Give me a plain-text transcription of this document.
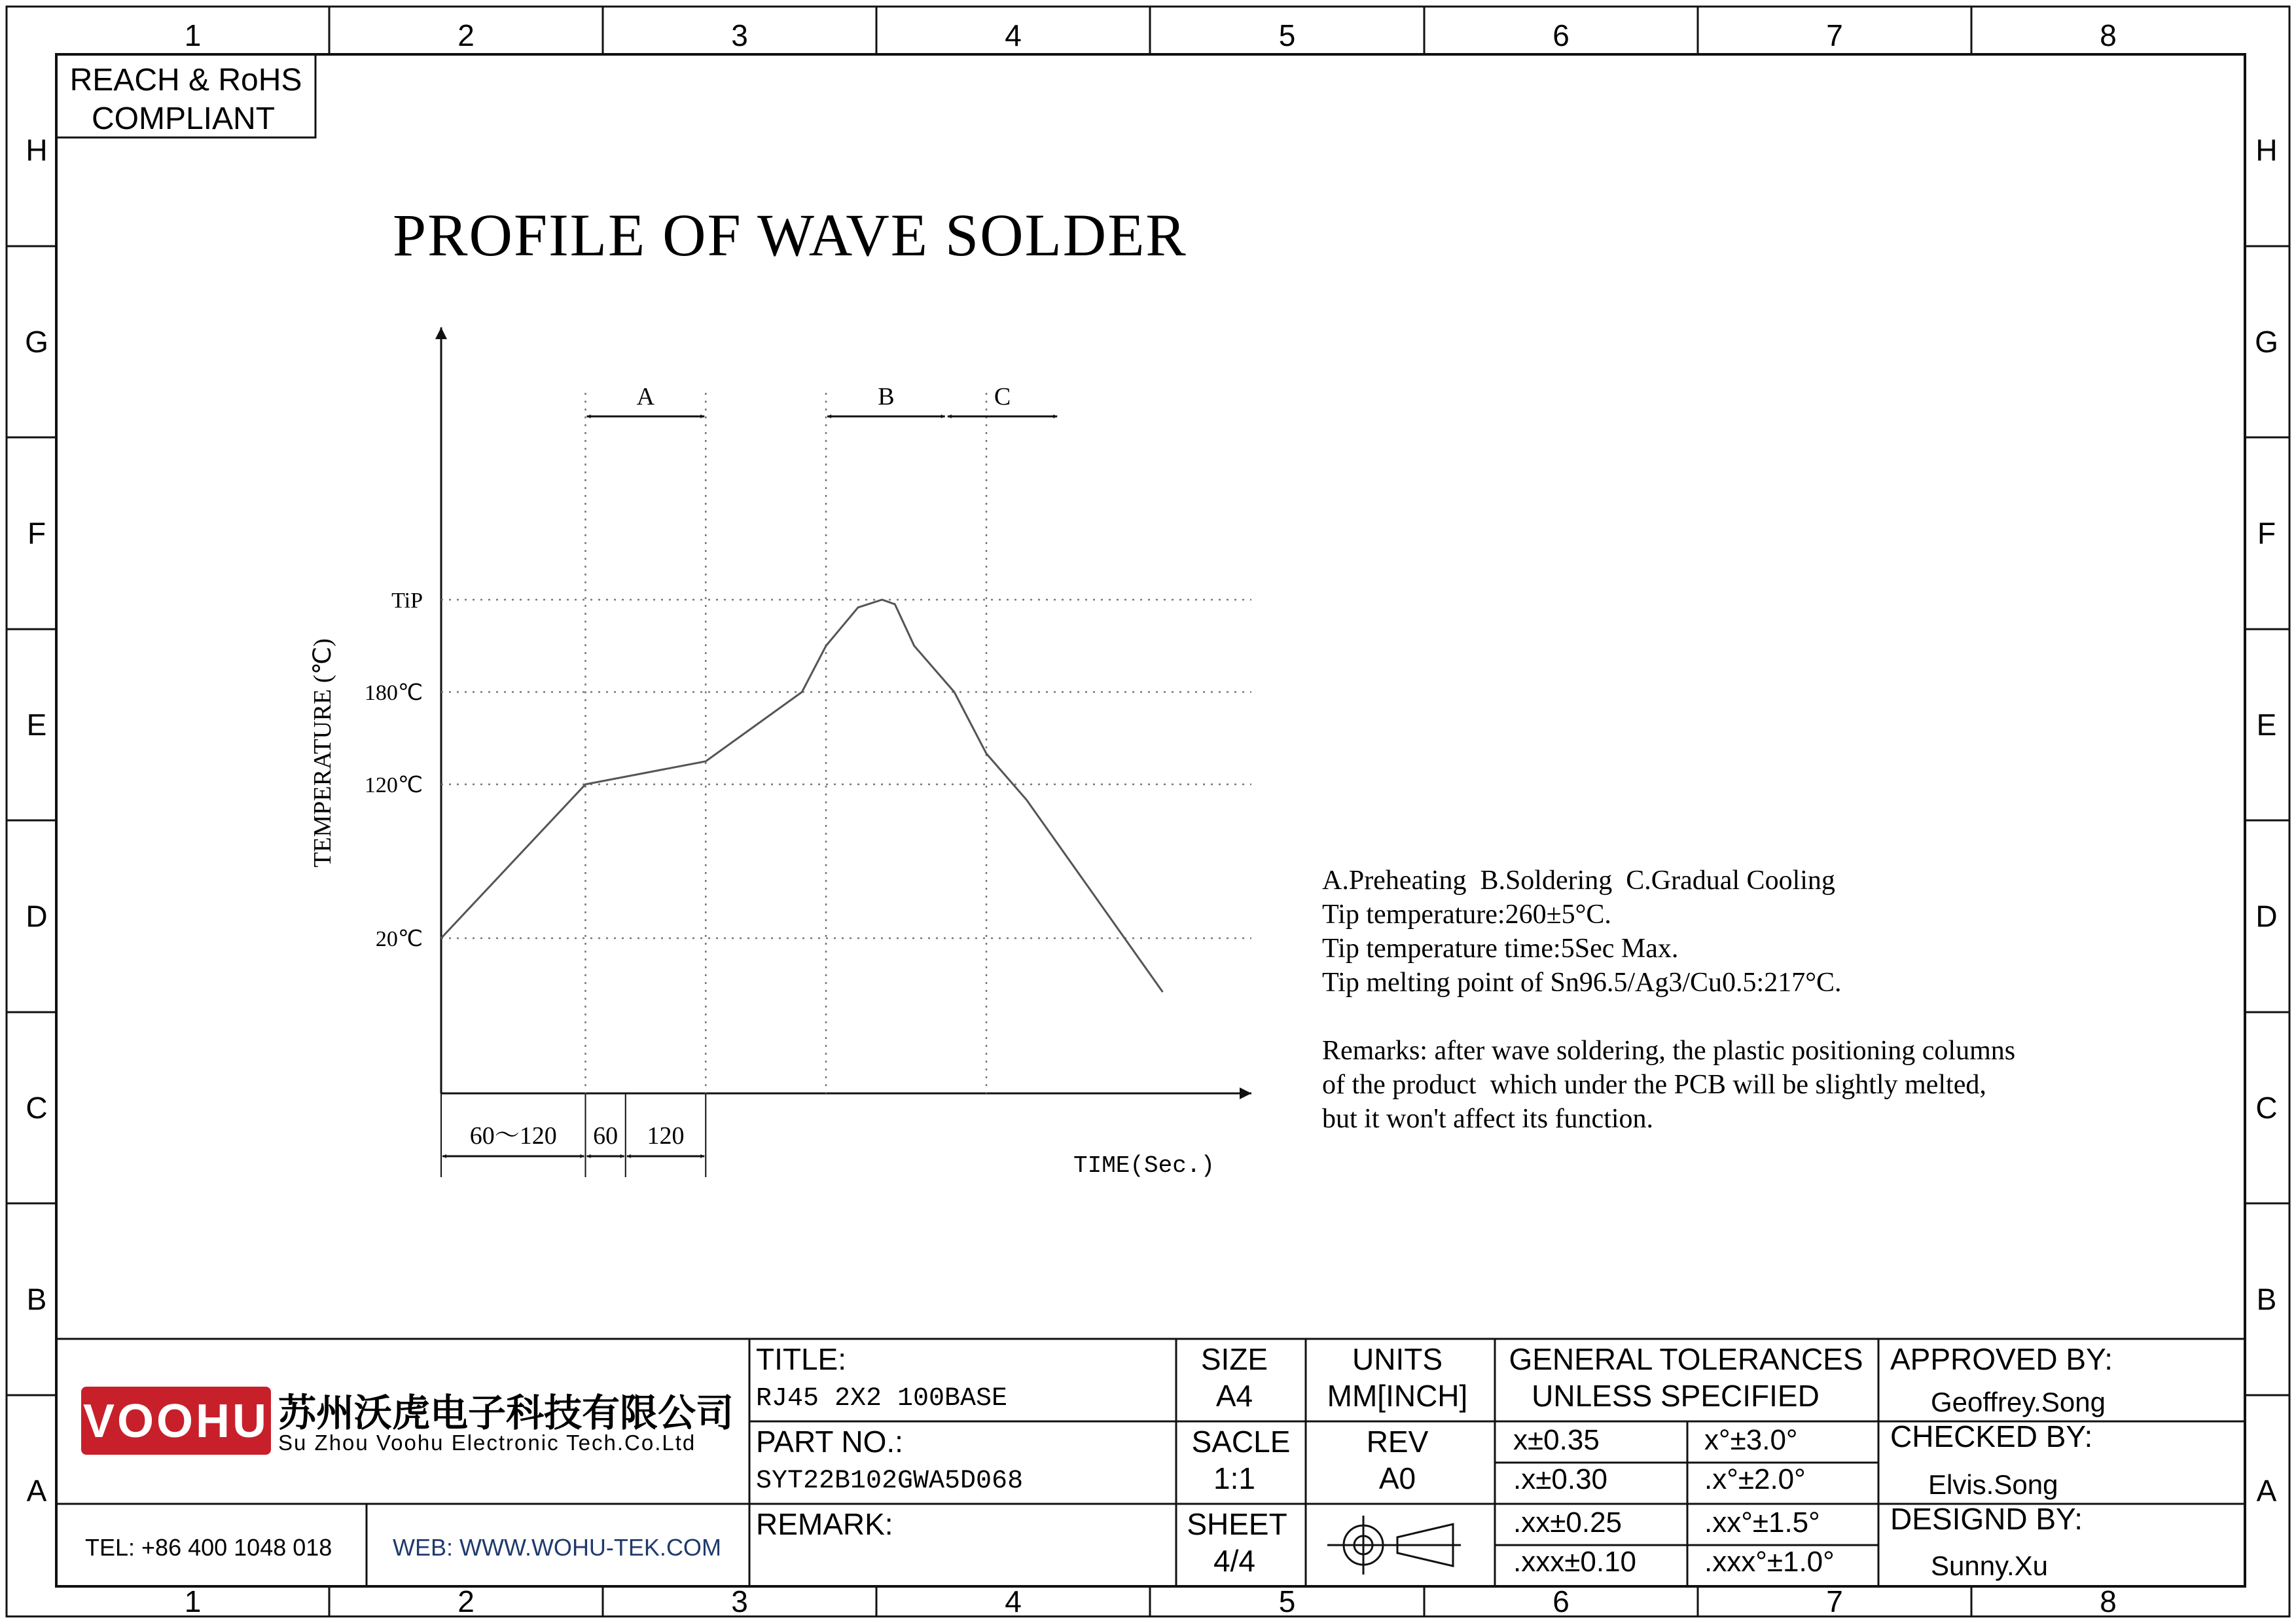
1
1
2
2
3
3
4
4
5
5
6
6
7
7
8
8
H	H
G	G
F	F
E	E
D	D
C	C
B	B
A	A
REACH & RoHS
COMPLIANT
PROFILE OF WAVE SOLDER
TiP
180℃
120℃
20℃
TEMPERATURE (℃)
A	B	C
60～120 60 120
TIME(Sec.)
A.Preheating  B.Soldering  C.Gradual Cooling
Tip temperature:260±5°C.
Tip temperature time:5Sec Max.
Tip melting point of Sn96.5/Ag3/Cu0.5:217°C.
Remarks: after wave soldering, the plastic positioning columns
of the product  which under the PCB will be slightly melted,
but it won't affect its function.
VOOHU 苏州沃虎电子科技有限公司
Su Zhou Voohu Electronic Tech.Co.Ltd
TEL: +86 400 1048 018	WEB: WWW.WOHU-TEK.COM
TITLE:
RJ45 2X2 100BASE
PART NO.:
SYT22B102GWA5D068
REMARK:
SIZE
A4
UNITS
MM[INCH]
SACLE
1:1
REV
A0
SHEET
4/4
GENERAL TOLERANCES
UNLESS SPECIFIED
x±0.35	x°±3.0°
.x±0.30	.x°±2.0°
.xx±0.25	.xx°±1.5°
.xxx±0.10 .xxx°±1.0°
APPROVED BY:
Geoffrey.Song
CHECKED BY:
Elvis.Song
DESIGND BY:
Sunny.Xu
